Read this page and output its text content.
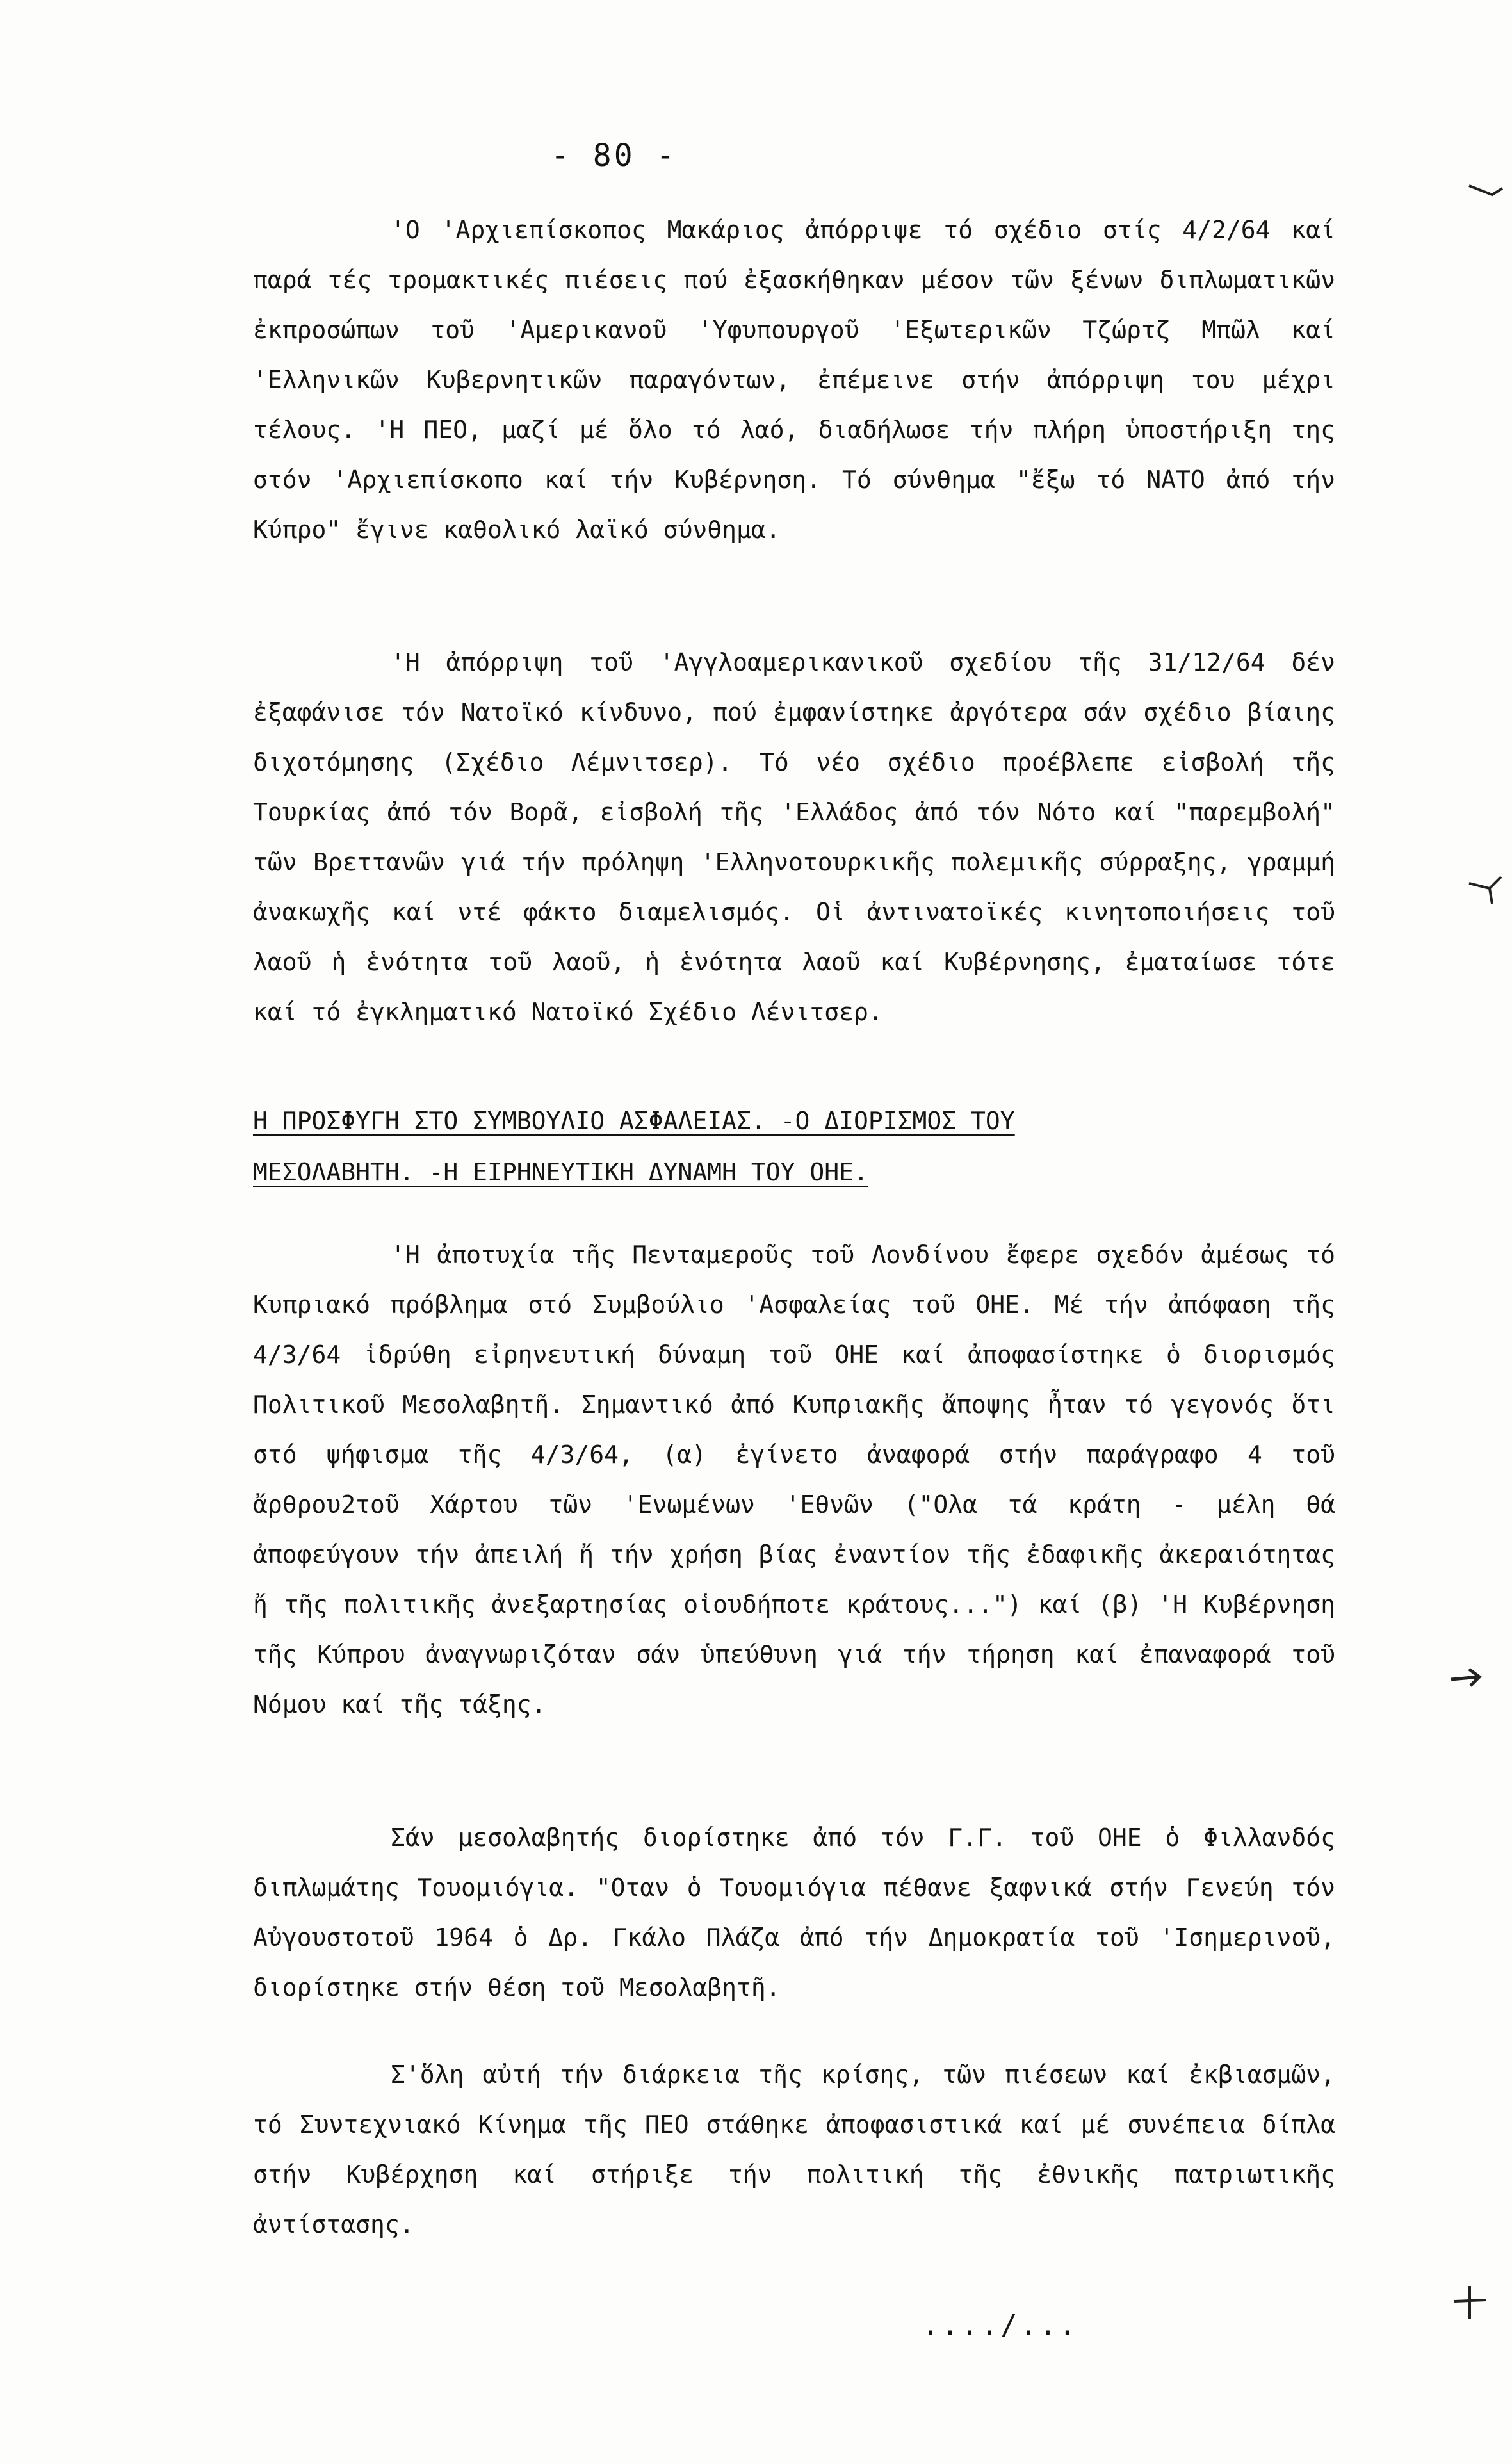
- 80 -
'Ο 'Αρχιεπίσκοπος Μακάριος ἀπόρριψε τό σχέδιο στίς 4/2/64 καί παρά τές τρομακτικές πιέσεις πού ἐξασκήθηκαν μέσον τῶν ξένων διπλωματικῶν ἐκπροσώπων τοῦ 'Αμερικανοῦ 'Υφυπουργοῦ 'Εξωτερικῶν Τζώρτζ Μπῶλ καί 'Ελληνικῶν Κυβερνητικῶν παραγόντων, ἐπέμεινε στήν ἀπόρριψη του μέχρι τέλους. 'Η ΠΕΟ, μαζί μέ ὅλο τό λαό, διαδήλωσε τήν πλήρη ὑποστήριξη της στόν 'Αρχιεπίσκοπο καί τήν Κυβέρνηση. Τό σύνθημα "ἔξω τό ΝΑΤΟ ἀπό τήν Κύπρο" ἔγινε καθολικό λαϊκό σύνθημα.
'Η ἀπόρριψη τοῦ 'Αγγλοαμερικανικοῦ σχεδίου τῆς 31/12/64 δέν ἐξαφάνισε τόν Νατοϊκό κίνδυνο, πού ἐμφανίστηκε ἀργότερα σάν σχέδιο βίαιης διχοτόμησης (Σχέδιο Λέμνιτσερ). Τό νέο σχέδιο προέβλεπε εἰσβολή τῆς Τουρκίας ἀπό τόν Βορᾶ, εἰσβολή τῆς 'Ελλάδος ἀπό τόν Νότο καί "παρεμβολή" τῶν Βρεττανῶν γιά τήν πρόληψη 'Ελληνοτουρκικῆς πολεμικῆς σύρραξης, γραμμή ἀνακωχῆς καί ντέ φάκτο διαμελισμός. Οἱ ἀντινατοϊκές κινητοποιήσεις τοῦ λαοῦ ἡ ἑνότητα τοῦ λαοῦ, ἡ ἑνότητα λαοῦ καί Κυβέρνησης, ἐματαίωσε τότε καί τό ἐγκληματικό Νατοϊκό Σχέδιο Λένιτσερ.
Η ΠΡΟΣΦΥΓΗ ΣΤΟ ΣΥΜΒΟΥΛΙΟ ΑΣΦΑΛΕΙΑΣ. -Ο ΔΙΟΡΙΣΜΟΣ ΤΟΥ
ΜΕΣΟΛΑΒΗΤΗ. -Η ΕΙΡΗΝΕΥΤΙΚΗ ΔΥΝΑΜΗ ΤΟΥ ΟΗΕ.
'Η ἀποτυχία τῆς Πενταμεροῦς τοῦ Λονδίνου ἔφερε σχεδόν ἀμέσως τό Κυπριακό πρόβλημα στό Συμβούλιο 'Ασφαλείας τοῦ ΟΗΕ. Μέ τήν ἀπόφαση τῆς 4/3/64 ἱδρύθη εἰρηνευτική δύναμη τοῦ ΟΗΕ καί ἀποφασίστηκε ὁ διορισμός Πολιτικοῦ Μεσολαβητῆ. Σημαντικό ἀπό Κυπριακῆς ἄποψης ἦταν τό γεγονός ὅτι στό ψήφισμα τῆς 4/3/64, (α) ἐγίνετο ἀναφορά στήν παράγραφο 4 τοῦ ἄρθρου2τοῦ Χάρτου τῶν 'Ενωμένων 'Εθνῶν ("Ολα τά κράτη - μέλη θά ἀποφεύγουν τήν ἀπειλή ἤ τήν χρήση βίας ἐναντίον τῆς ἐδαφικῆς ἀκεραιότητας ἤ τῆς πολιτικῆς ἀνεξαρτησίας οἱουδήποτε κράτους...") καί (β) 'Η Κυβέρνηση τῆς Κύπρου ἀναγνωριζόταν σάν ὑπεύθυνη γιά τήν τήρηση καί ἐπαναφορά τοῦ Νόμου καί τῆς τάξης.
Σάν μεσολαβητής διορίστηκε ἀπό τόν Γ.Γ. τοῦ ΟΗΕ ὁ Φιλλανδός διπλωμάτης Τουομιόγια. "Οταν ὁ Τουομιόγια πέθανε ξαφνικά στήν Γενεύη τόν Αὐγουστοτοῦ 1964 ὁ Δρ. Γκάλο Πλάζα ἀπό τήν Δημοκρατία τοῦ 'Ισημερινοῦ, διορίστηκε στήν θέση τοῦ Μεσολαβητῆ.
Σ'ὅλη αὐτή τήν διάρκεια τῆς κρίσης, τῶν πιέσεων καί ἐκβιασμῶν, τό Συντεχνιακό Κίνημα τῆς ΠΕΟ στάθηκε ἀποφασιστικά καί μέ συνέπεια δίπλα στήν Κυβέρχηση καί στήριξε τήν πολιτική τῆς ἐθνικῆς πατριωτικῆς ἀντίστασης.
..../...
